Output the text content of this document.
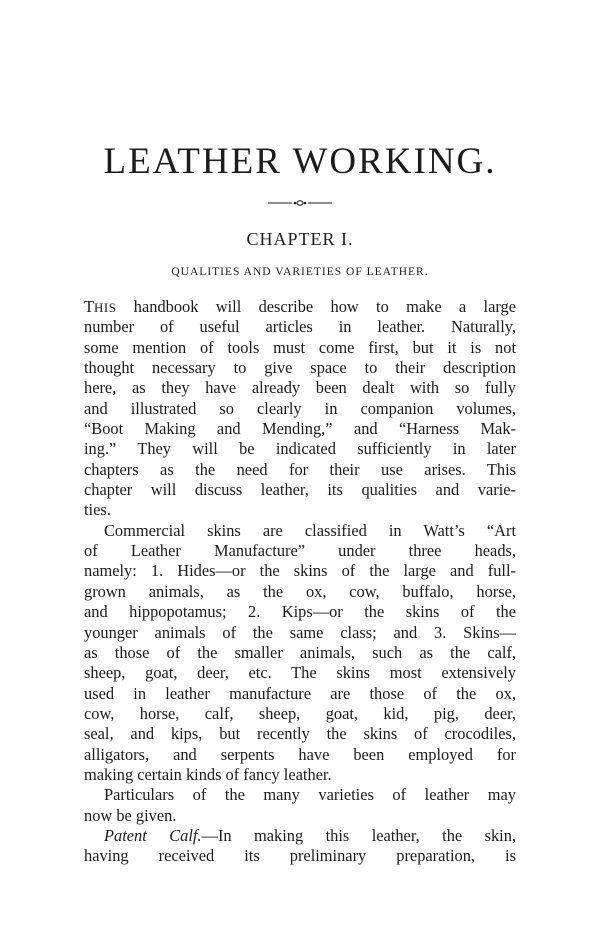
LEATHER WORKING.
CHAPTER I.
QUALITIES AND VARIETIES OF LEATHER.
THIS handbook will describe how to make a large
number of useful articles in leather. Naturally,
some mention of tools must come first, but it is not
thought necessary to give space to their description
here, as they have already been dealt with so fully
and illustrated so clearly in companion volumes,
“Boot Making and Mending,” and “Harness Mak-
ing.” They will be indicated sufficiently in later
chapters as the need for their use arises. This
chapter will discuss leather, its qualities and varie-
ties.
Commercial skins are classified in Watt’s “Art
of Leather Manufacture” under three heads,
namely: 1. Hides—or the skins of the large and full-
grown animals, as the ox, cow, buffalo, horse,
and hippopotamus; 2. Kips—or the skins of the
younger animals of the same class; and 3. Skins—
as those of the smaller animals, such as the calf,
sheep, goat, deer, etc. The skins most extensively
used in leather manufacture are those of the ox,
cow, horse, calf, sheep, goat, kid, pig, deer,
seal, and kips, but recently the skins of crocodiles,
alligators, and serpents have been employed for
making certain kinds of fancy leather.
Particulars of the many varieties of leather may
now be given.
Patent Calf.—In making this leather, the skin,
having received its preliminary preparation, is
